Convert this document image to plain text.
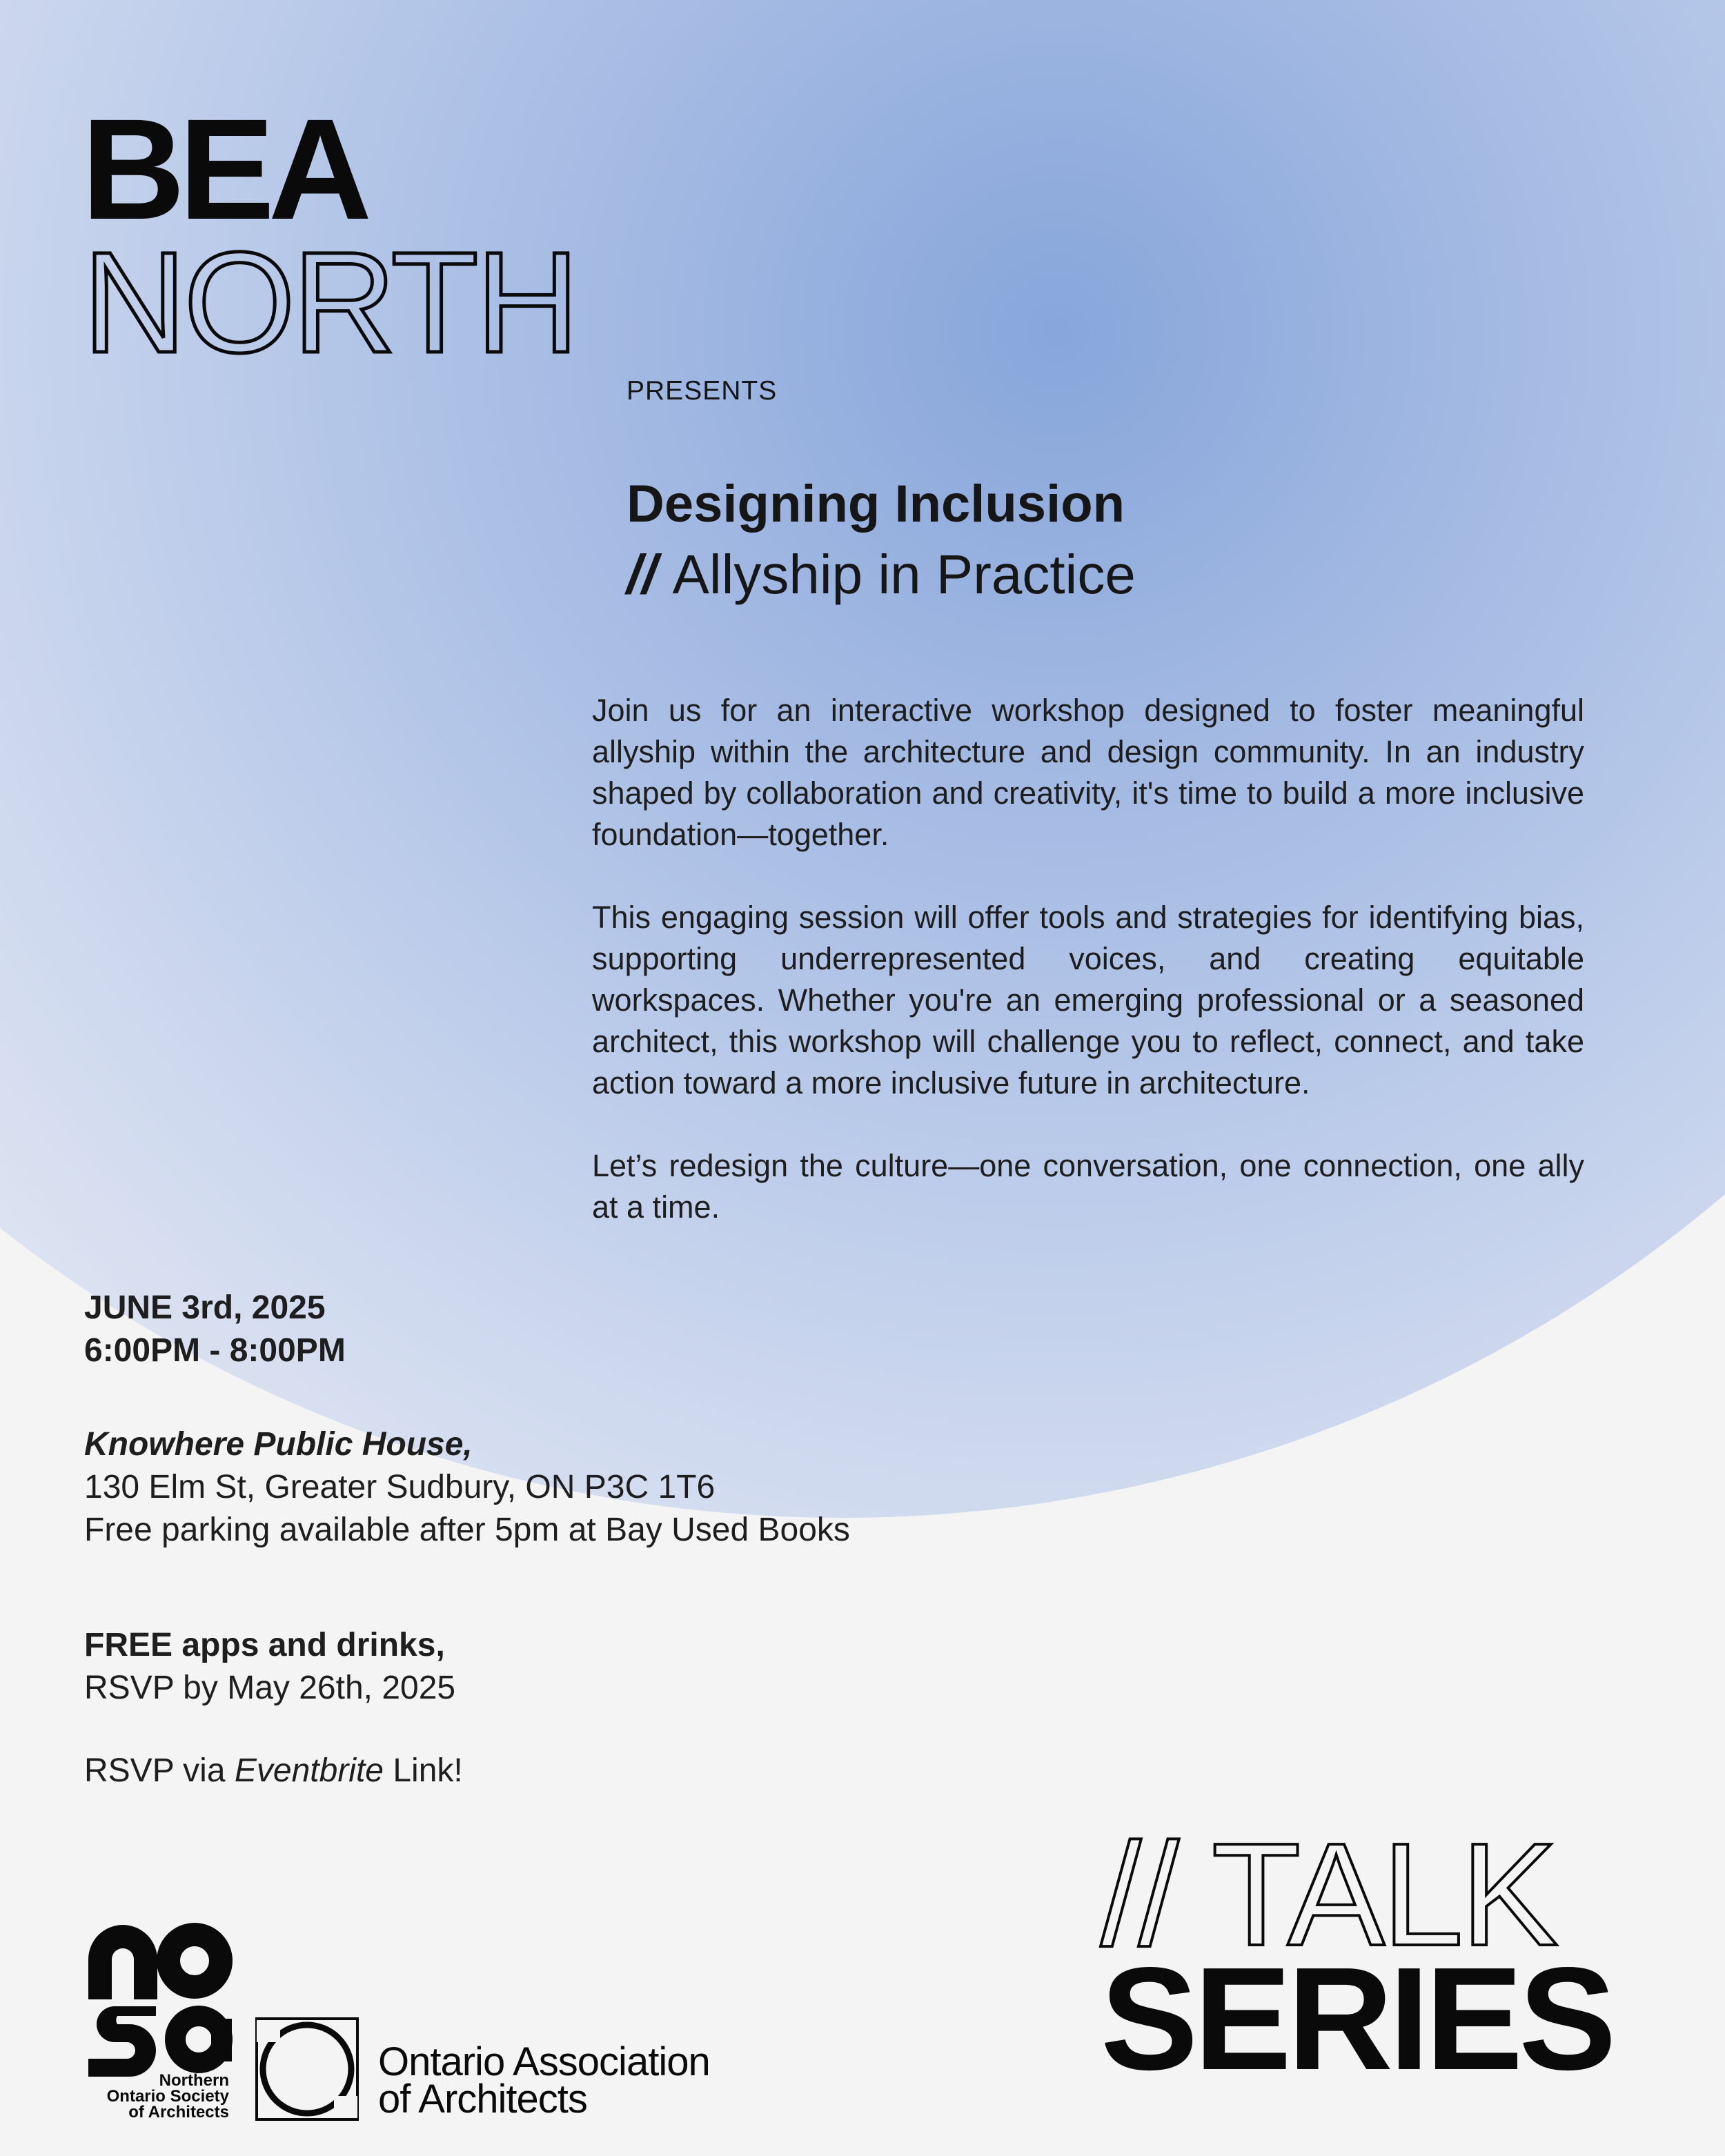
BEA
NORTH
PRESENTS
Designing Inclusion
// Allyship in Practice

Join us for an interactive workshop designed to foster meaningful allyship within the architecture and design community. In an industry shaped by collaboration and creativity, it's time to build a more inclusive foundation—together.

This engaging session will offer tools and strategies for identifying bias, supporting underrepresented voices, and creating equitable workspaces. Whether you're an emerging professional or a seasoned architect, this workshop will challenge you to reflect, connect, and take action toward a more inclusive future in architecture.

Let’s redesign the culture—one conversation, one connection, one ally at a time.

JUNE 3rd, 2025
6:00PM - 8:00PM
Knowhere Public House,
130 Elm St, Greater Sudbury, ON P3C 1T6
Free parking available after 5pm at Bay Used Books
FREE apps and drinks,
RSVP by May 26th, 2025
RSVP via Eventbrite Link!
// TALK
SERIES
Northern
Ontario Society
of Architects
Ontario Association
of Architects
